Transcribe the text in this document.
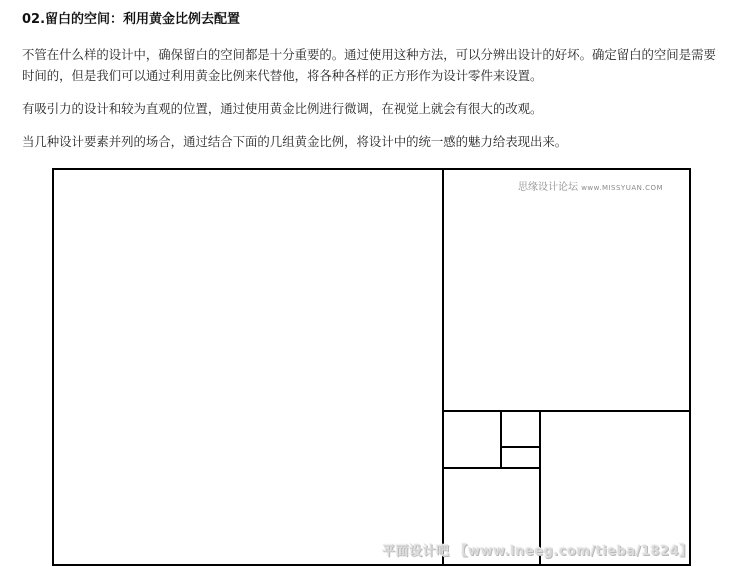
02.留白的空间：利用黄金比例去配置

不管在什么样的设计中，确保留白的空间都是十分重要的。通过使用这种方法，可以分辨出设计的好坏。确定留白的空间是需要时间的，但是我们可以通过利用黄金比例来代替他，将各种各样的正方形作为设计零件来设置。

有吸引力的设计和较为直观的位置，通过使用黄金比例进行微调，在视觉上就会有很大的改观。

当几种设计要素并列的场合，通过结合下面的几组黄金比例，将设计中的统一感的魅力给表现出来。

思缘设计论坛 www.MISSYUAN.COM
平面设计吧 【www.lneeg.com/tieba/1824】
